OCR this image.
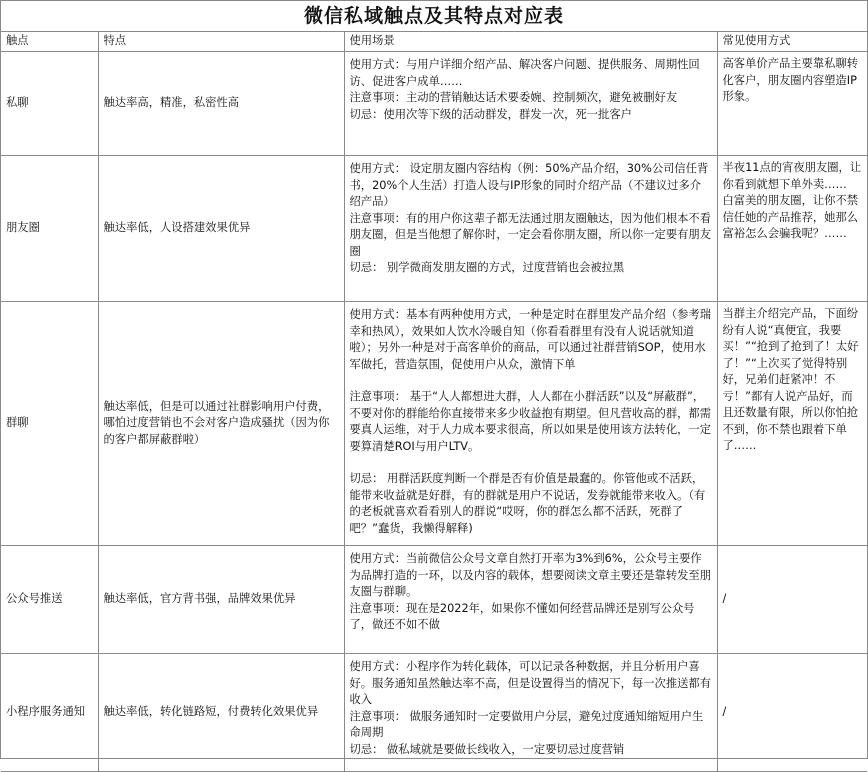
微信私域触点及其特点对应表
触点	特点	使用场景	常见使用方式
私聊	触达率高，精准，私密性高	使用方式：与用户详细介绍产品、解决客户问题、提供服务、周期性回访、促进客户成单……
注意事项：主动的营销触达话术要委婉、控制频次，避免被删好友
切忌：使用次等下级的活动群发，群发一次，死一批客户	高客单价产品主要靠私聊转化客户，朋友圈内容塑造IP形象。
朋友圈	触达率低，人设搭建效果优异	使用方式： 设定朋友圈内容结构（例：50%产品介绍，30%公司信任背书，20%个人生活）打造人设与IP形象的同时介绍产品（不建议过多介绍产品）
注意事项：有的用户你这辈子都无法通过朋友圈触达，因为他们根本不看朋友圈，但是当他想了解你时，一定会看你朋友圈，所以你一定要有朋友圈
切忌： 别学微商发朋友圈的方式，过度营销也会被拉黑	半夜11点的宵夜朋友圈，让你看到就想下单外卖……
白富美的朋友圈，让你不禁信任她的产品推荐，她那么富裕怎么会骗我呢？……
群聊	触达率低，但是可以通过社群影响用户付费，哪怕过度营销也不会对客户造成骚扰（因为你的客户都屏蔽群啦）	使用方式：基本有两种使用方式，一种是定时在群里发产品介绍（参考瑞幸和热风），效果如人饮水冷暖自知（你看看群里有没有人说话就知道啦）；另外一种是对于高客单价的商品，可以通过社群营销SOP，使用水军做托，营造氛围，促使用户从众，激情下单
注意事项： 基于“人人都想进大群，人人都在小群活跃”以及“屏蔽群”，不要对你的群能给你直接带来多少收益抱有期望。但凡营收高的群，都需要真人运维，对于人力成本要求很高，所以如果是使用该方法转化，一定要算清楚ROI与用户LTV。
切忌： 用群活跃度判断一个群是否有价值是最蠢的。你管他或不活跃，能带来收益就是好群，有的群就是用户不说话，发券就能带来收入。（有的老板就喜欢看看别人的群说“哎呀，你的群怎么都不活跃，死群了吧？”蠢货，我懒得解释)	当群主介绍完产品，下面纷纷有人说“真便宜，我要买！”“抢到了抢到了！太好了！”“上次买了觉得特别好，兄弟们赶紧冲！不亏！”都有人说产品好，而且还数量有限，所以你怕抢不到，你不禁也跟着下单了……
公众号推送	触达率低，官方背书强，品牌效果优异	使用方式：当前微信公众号文章自然打开率为3%到6%，公众号主要作为品牌打造的一环，以及内容的载体，想要阅读文章主要还是靠转发至朋友圈与群聊。
注意事项：现在是2022年，如果你不懂如何经营品牌还是别写公众号了，做还不如不做	/
小程序服务通知	触达率低，转化链路短，付费转化效果优异	使用方式：小程序作为转化载体，可以记录各种数据，并且分析用户喜好。服务通知虽然触达率不高，但是设置得当的情况下，每一次推送都有收入
注意事项： 做服务通知时一定要做用户分层，避免过度通知缩短用户生命周期
切忌： 做私域就是要做长线收入，一定要切忌过度营销	/
